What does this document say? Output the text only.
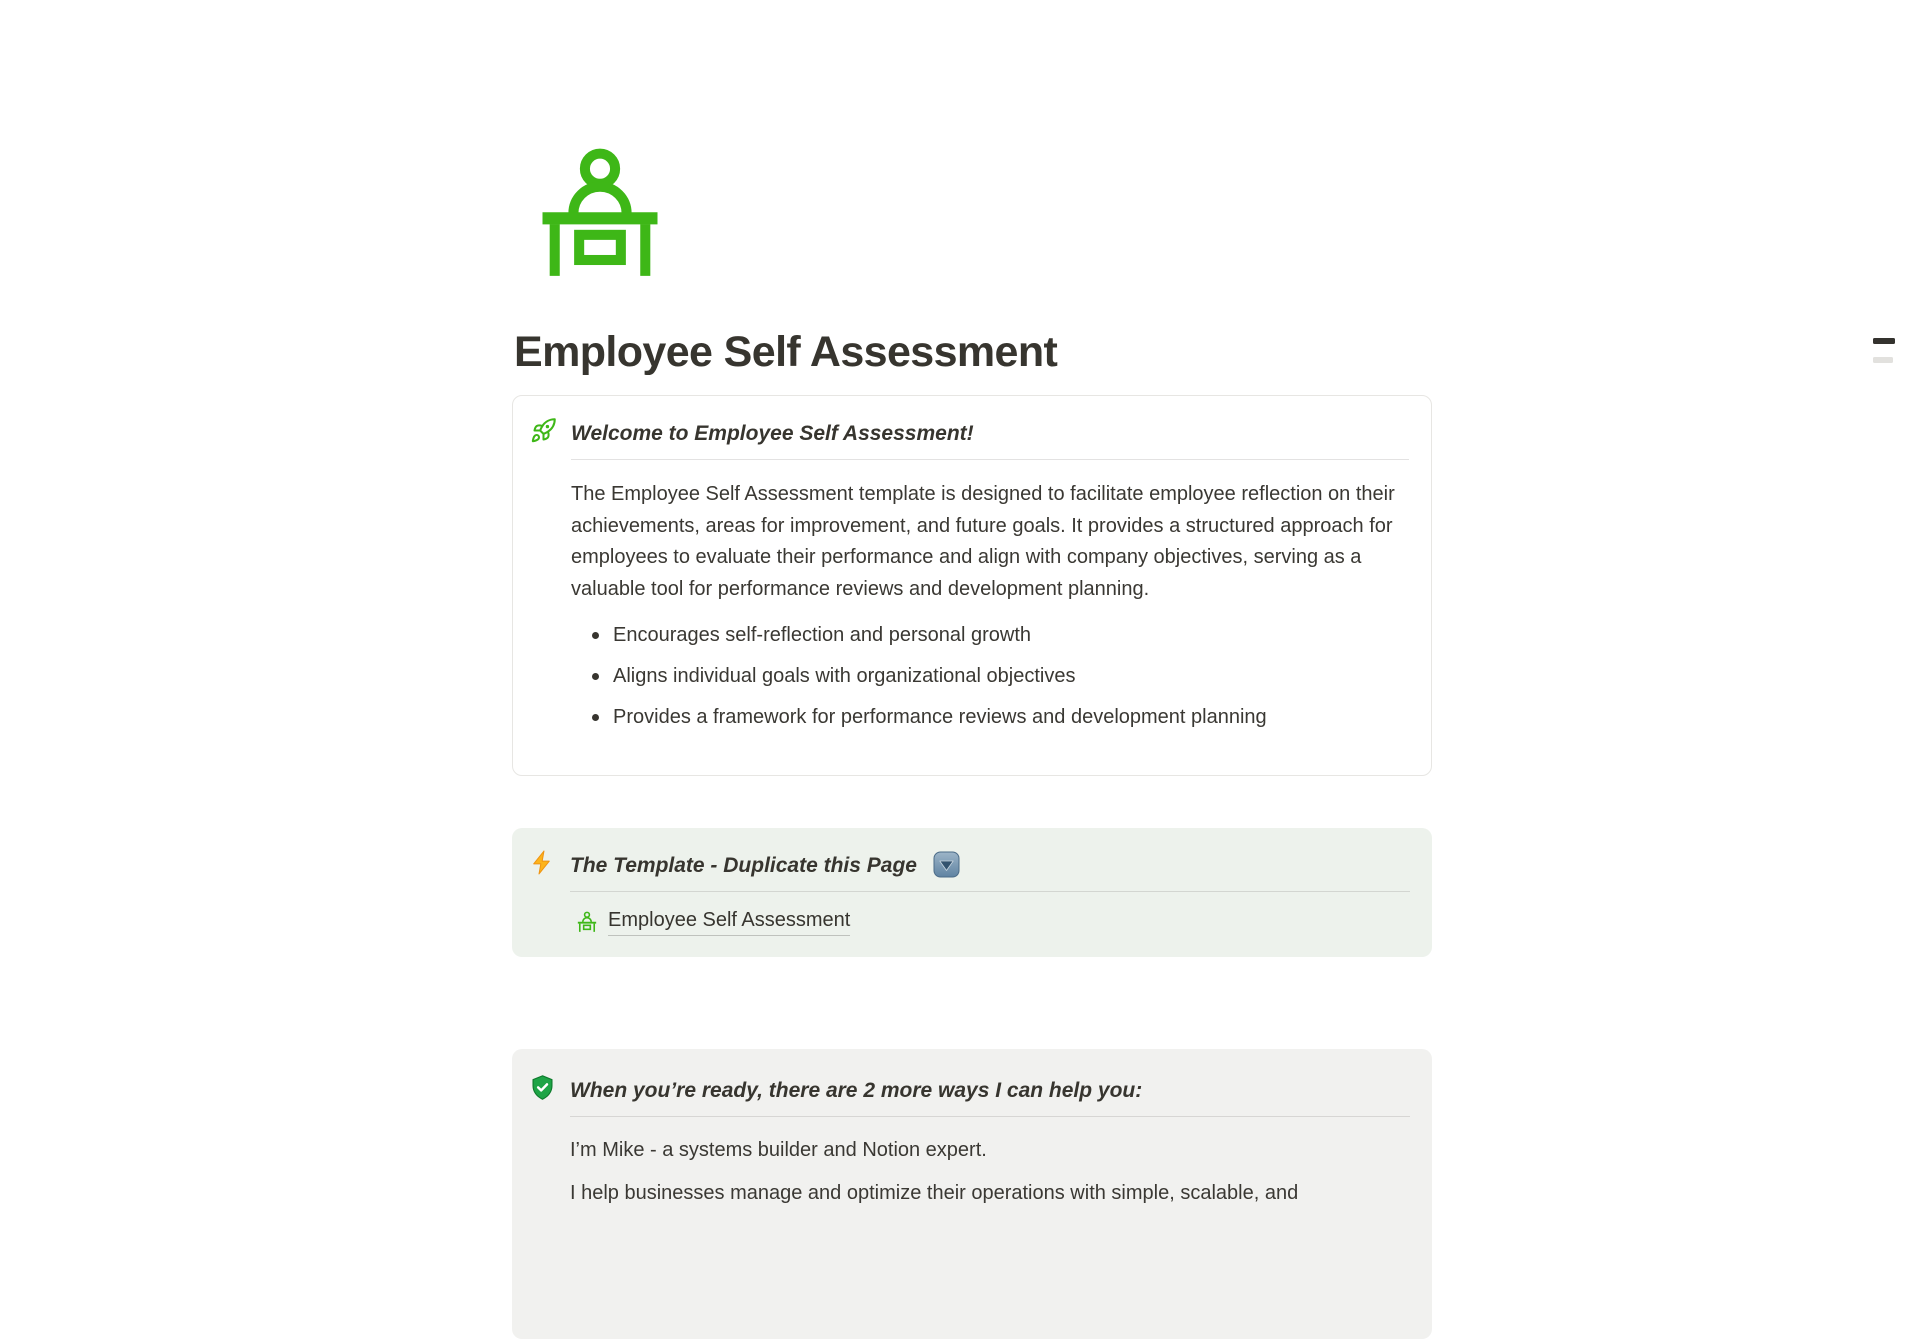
Employee Self Assessment
Welcome to Employee Self Assessment!

The Employee Self Assessment template is designed to facilitate employee reflection on their achievements, areas for improvement, and future goals. It provides a structured approach for employees to evaluate their performance and align with company objectives, serving as a valuable tool for performance reviews and development planning.

Encourages self-reflection and personal growth
Aligns individual goals with organizational objectives
Provides a framework for performance reviews and development planning
The Template - Duplicate this Page
Employee Self Assessment
When you’re ready, there are 2 more ways I can help you:

I’m Mike - a systems builder and Notion expert.

I help businesses manage and optimize their operations with simple, scalable, and
